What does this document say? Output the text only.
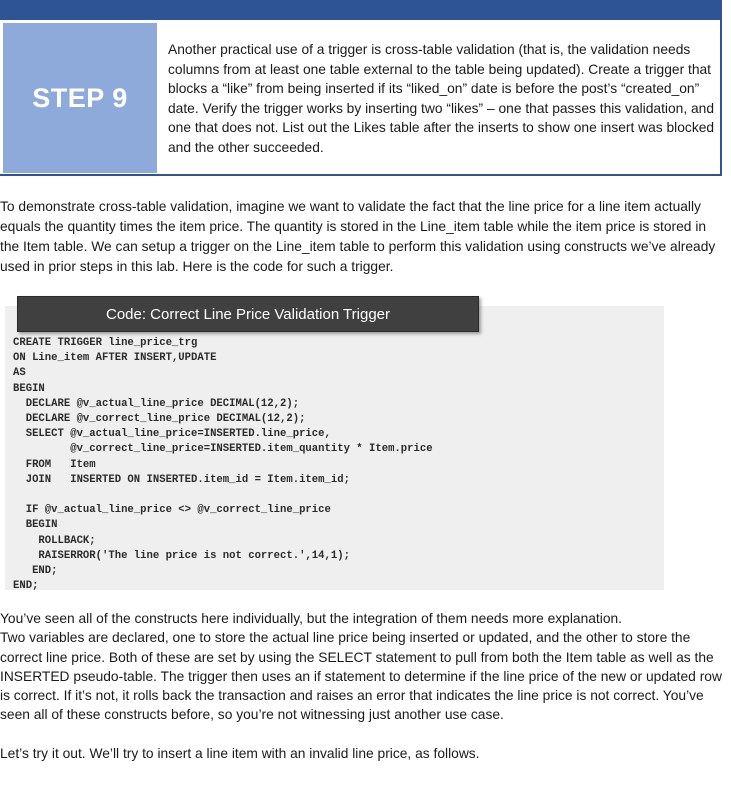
STEP 9
Another practical use of a trigger is cross-table validation (that is, the validation needs columns from at least one table external to the table being updated). Create a trigger that blocks a “like” from being inserted if its “liked_on” date is before the post’s “created_on” date. Verify the trigger works by inserting two “likes” – one that passes this validation, and one that does not. List out the Likes table after the inserts to show one insert was blocked and the other succeeded.
To demonstrate cross-table validation, imagine we want to validate the fact that the line price for a line item actually equals the quantity times the item price. The quantity is stored in the Line_item table while the item price is stored in the Item table. We can setup a trigger on the Line_item table to perform this validation using constructs we’ve already used in prior steps in this lab. Here is the code for such a trigger.
Code: Correct Line Price Validation Trigger
CREATE TRIGGER line_price_trg
ON Line_item AFTER INSERT,UPDATE
AS
BEGIN
DECLARE @v_actual_line_price DECIMAL(12,2);
DECLARE @v_correct_line_price DECIMAL(12,2);
SELECT @v_actual_line_price=INSERTED.line_price,
@v_correct_line_price=INSERTED.item_quantity * Item.price
FROM   Item
JOIN   INSERTED ON INSERTED.item_id = Item.item_id;

IF @v_actual_line_price <> @v_correct_line_price
BEGIN
ROLLBACK;
RAISERROR('The line price is not correct.',14,1);
END;
END;

You’ve seen all of the constructs here individually, but the integration of them needs more explanation.

Two variables are declared, one to store the actual line price being inserted or updated, and the other to store the correct line price. Both of these are set by using the SELECT statement to pull from both the Item table as well as the INSERTED pseudo-table. The trigger then uses an if statement to determine if the line price of the new or updated row is correct. If it’s not, it rolls back the transaction and raises an error that indicates the line price is not correct. You’ve seen all of these constructs before, so you’re not witnessing just another use case.

Let’s try it out. We’ll try to insert a line item with an invalid line price, as follows.
